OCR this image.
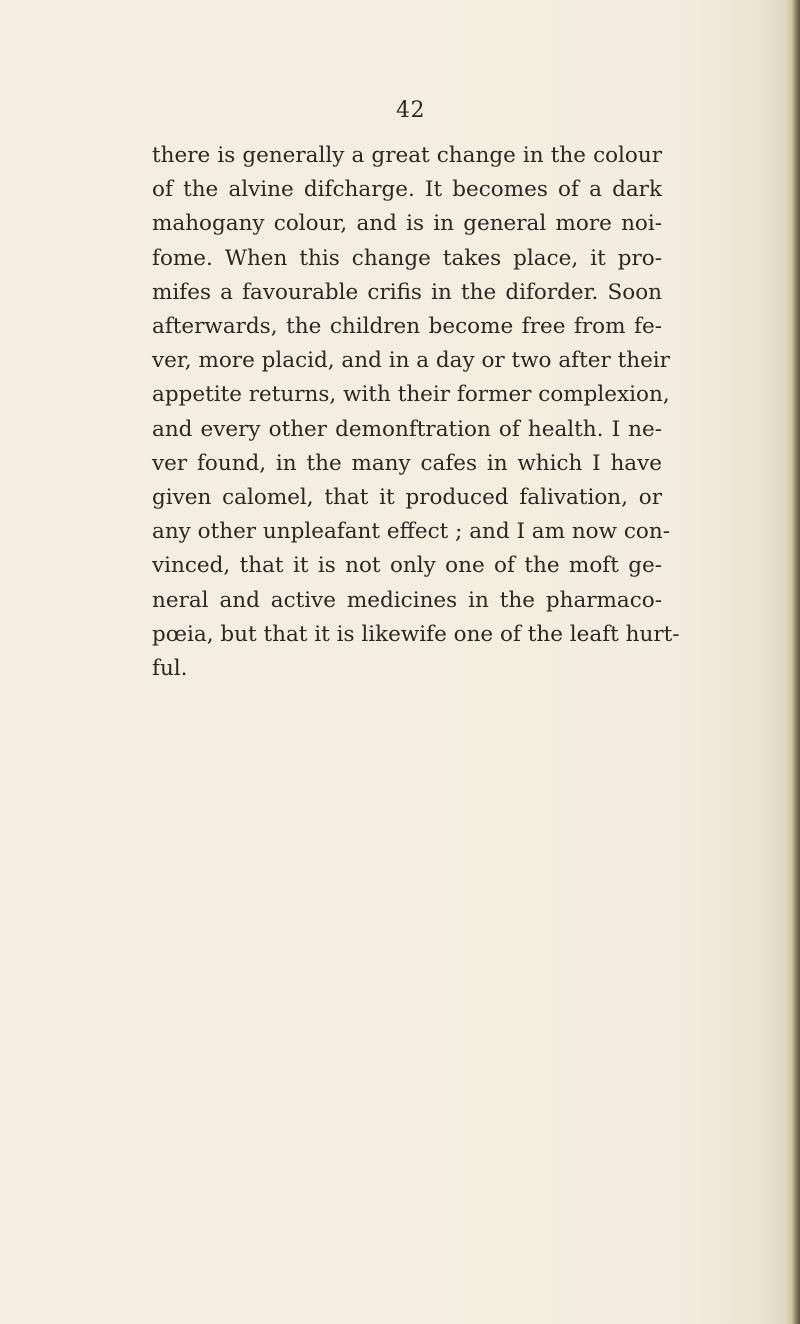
42
there is generally a great change in the colour
of the alvine difcharge. It becomes of a dark
mahogany colour, and is in general more noi-
fome. When this change takes place, it pro-
mifes a favourable crifis in the diforder. Soon
afterwards, the children become free from fe-
ver, more placid, and in a day or two after their
appetite returns, with their former complexion,
and every other demonftration of health. I ne-
ver found, in the many cafes in which I have
given calomel, that it produced falivation, or
any other unpleafant effect ; and I am now con-
vinced, that it is not only one of the moft ge-
neral and active medicines in the pharmaco-
pœia, but that it is likewife one of the leaft hurt-
ful.
